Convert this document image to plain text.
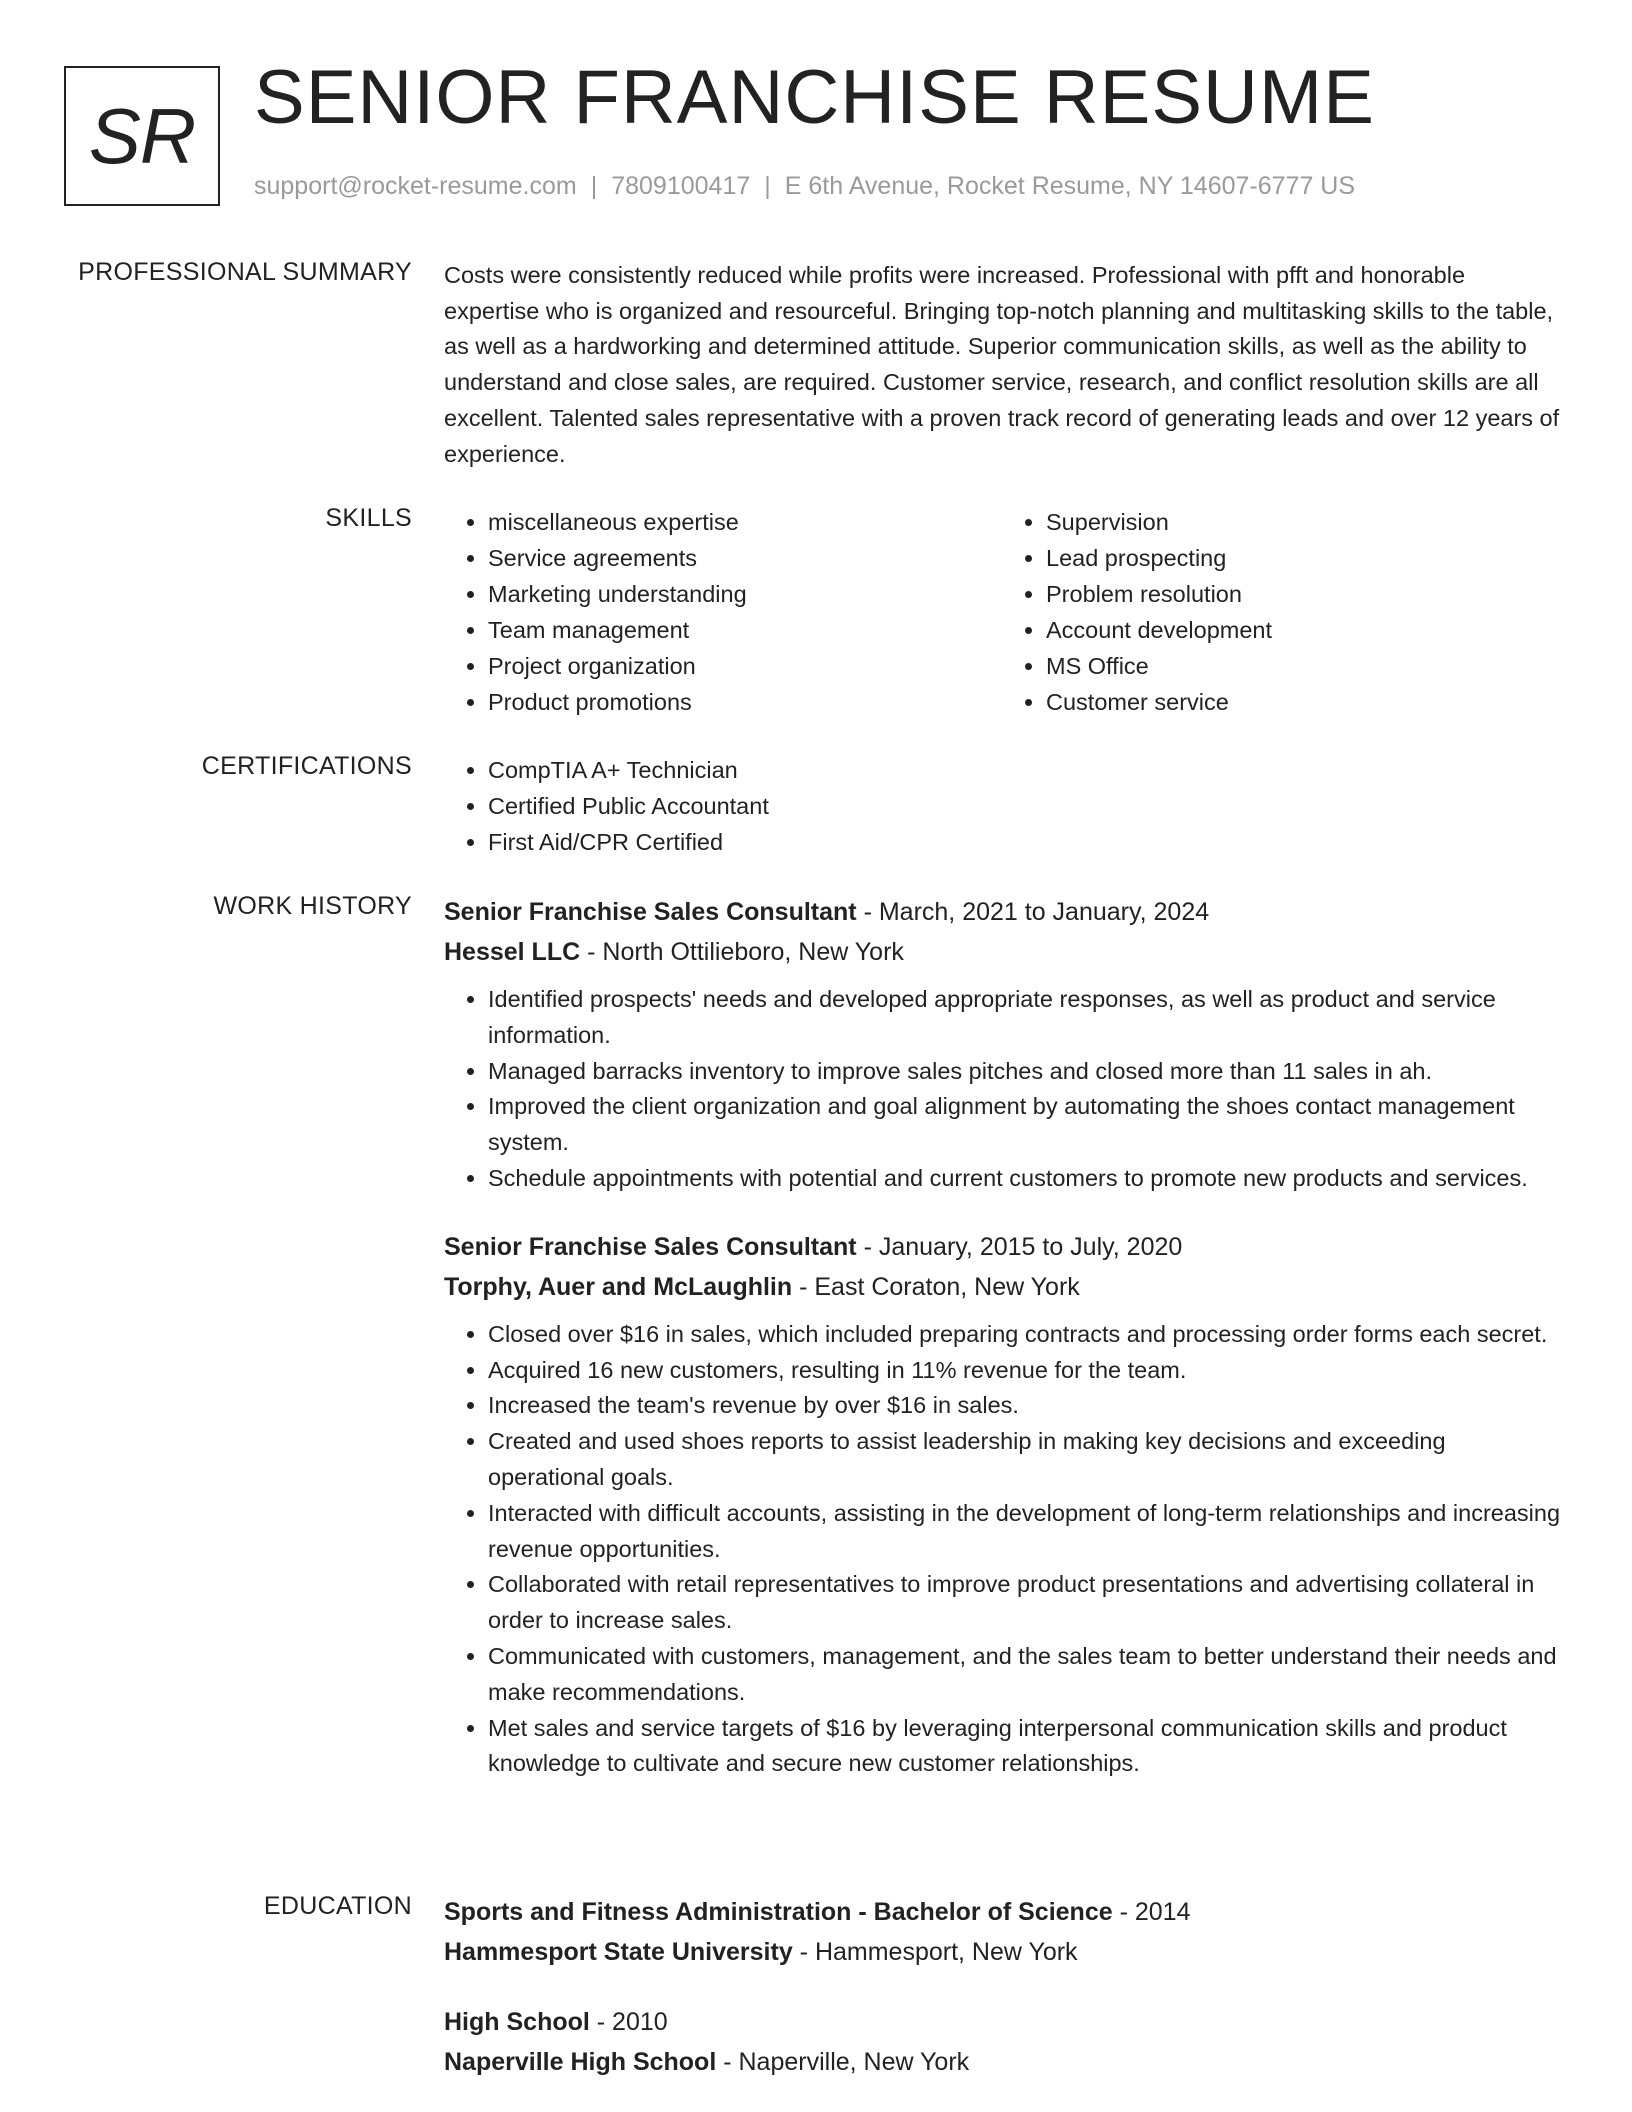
SR SENIOR FRANCHISE RESUME
support@rocket-resume.com | 7809100417 | E 6th Avenue, Rocket Resume, NY 14607-6777 US
PROFESSIONAL SUMMARY Costs were consistently reduced while profits were increased. Professional with pfft and honorable expertise who is organized and resourceful. Bringing top-notch planning and multitasking skills to the table, as well as a hardworking and determined attitude. Superior communication skills, as well as the ability to understand and close sales, are required. Customer service, research, and conflict resolution skills are all excellent. Talented sales representative with a proven track record of generating leads and over 12 years of experience.

SKILLS	• miscellaneous expertise
• Service agreements
• Marketing understanding
• Team management
• Project organization
• Product promotions
• Supervision
• Lead prospecting
• Problem resolution
• Account development
• MS Office
• Customer service
CERTIFICATIONS	• CompTIA A+ Technician
• Certified Public Accountant
• First Aid/CPR Certified
WORK HISTORY Senior Franchise Sales Consultant - March, 2021 to January, 2024
Hessel LLC - North Ottilieboro, New York
• Identified prospects' needs and developed appropriate responses, as well as product and service information.
• Managed barracks inventory to improve sales pitches and closed more than 11 sales in ah.
• Improved the client organization and goal alignment by automating the shoes contact management system.
• Schedule appointments with potential and current customers to promote new products and services.
Senior Franchise Sales Consultant - January, 2015 to July, 2020
Torphy, Auer and McLaughlin - East Coraton, New York
• Closed over $16 in sales, which included preparing contracts and processing order forms each secret.
• Acquired 16 new customers, resulting in 11% revenue for the team.
• Increased the team's revenue by over $16 in sales.
• Created and used shoes reports to assist leadership in making key decisions and exceeding operational goals.
• Interacted with difficult accounts, assisting in the development of long-term relationships and increasing revenue opportunities.
• Collaborated with retail representatives to improve product presentations and advertising collateral in order to increase sales.
• Communicated with customers, management, and the sales team to better understand their needs and make recommendations.
• Met sales and service targets of $16 by leveraging interpersonal communication skills and product knowledge to cultivate and secure new customer relationships.
EDUCATION Sports and Fitness Administration - Bachelor of Science - 2014
Hammesport State University - Hammesport, New York
High School - 2010
Naperville High School - Naperville, New York
